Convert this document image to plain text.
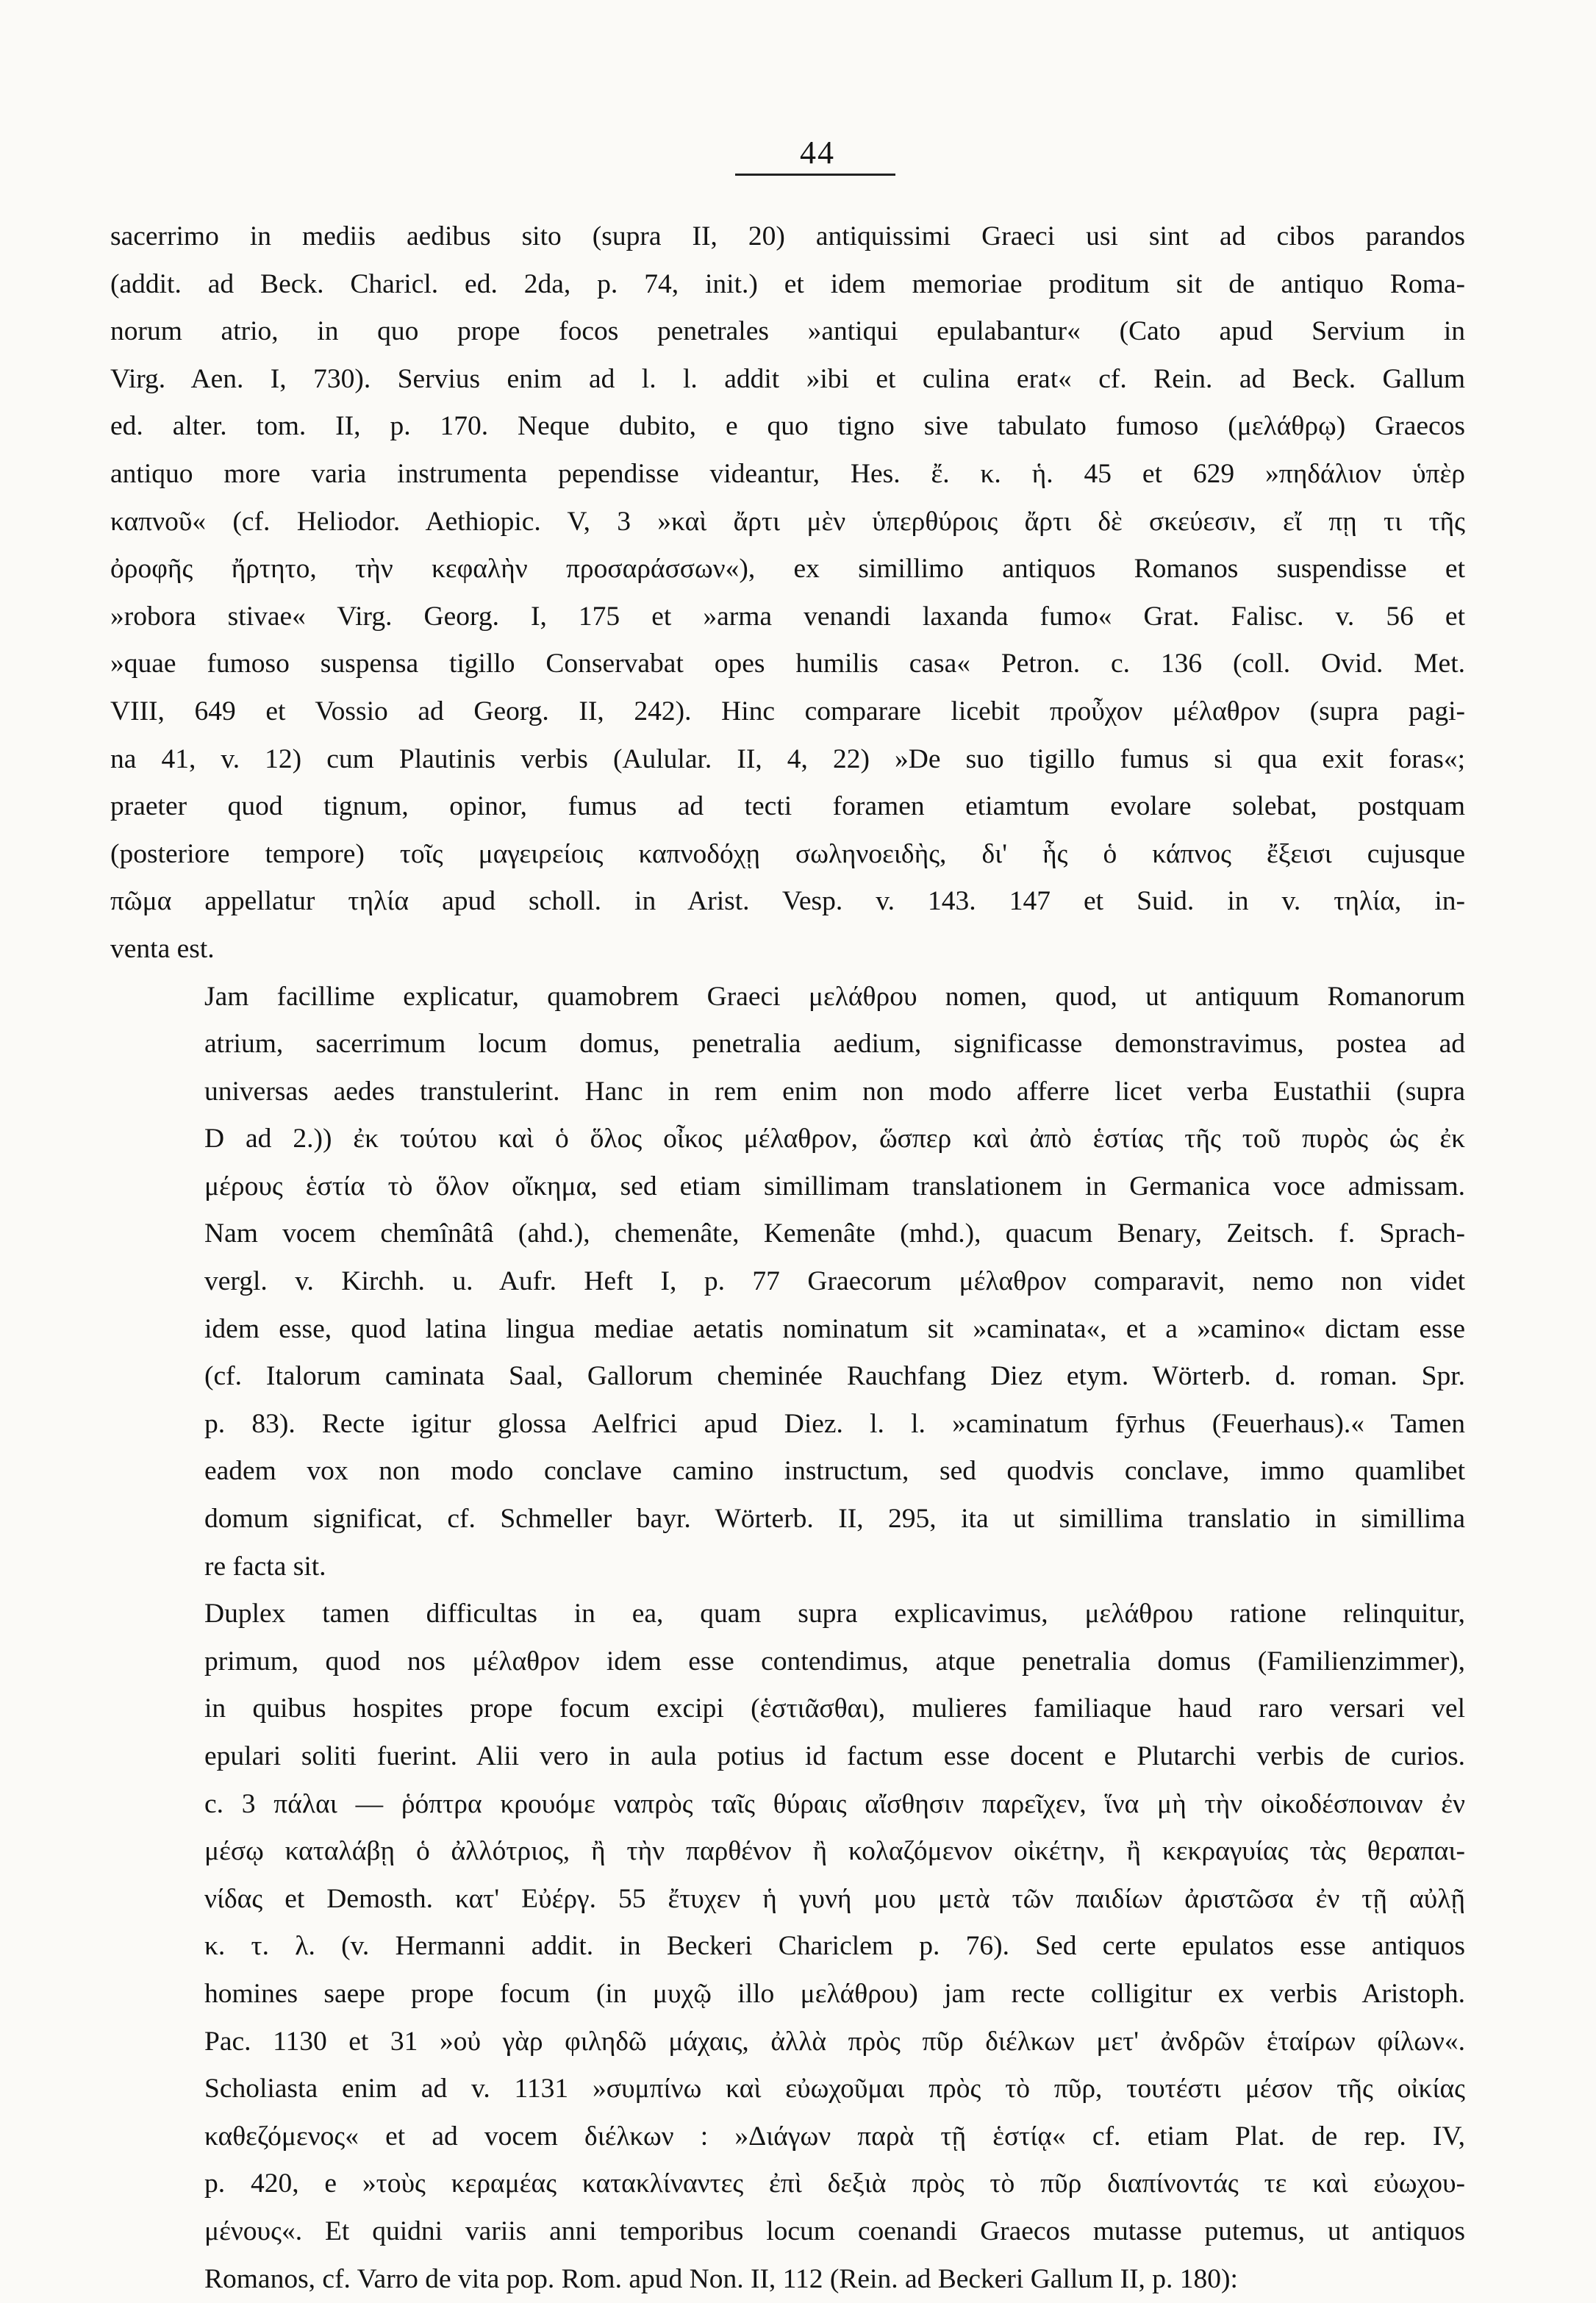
44
sacerrimo in mediis aedibus sito (supra II, 20) antiquissimi Graeci usi sint ad cibos parandos
(addit. ad Beck. Charicl. ed. 2da, p. 74, init.) et idem memoriae proditum sit de antiquo Roma-
norum atrio, in quo prope focos penetrales »antiqui epulabantur« (Cato apud Servium in
Virg. Aen. I, 730). Servius enim ad l. l. addit »ibi et culina erat« cf. Rein. ad Beck. Gallum
ed. alter. tom. II, p. 170. Neque dubito, e quo tigno sive tabulato fumoso (μελάθρῳ) Graecos
antiquo more varia instrumenta pependisse videantur, Hes. ἔ. κ. ἡ. 45 et 629 »πηδάλιον ὑπὲρ
καπνοῦ« (cf. Heliodor. Aethiopic. V, 3 »καὶ ἄρτι μὲν ὑπερθύροις ἄρτι δὲ σκεύεσιν, εἴ πῃ τι τῆς
ὀροφῆς ἤρτητο, τὴν κεφαλὴν προσαράσσων«), ex simillimo antiquos Romanos suspendisse et
»robora stivae« Virg. Georg. I, 175 et »arma venandi laxanda fumo« Grat. Falisc. v. 56 et
»quae fumoso suspensa tigillo Conservabat opes humilis casa« Petron. c. 136 (coll. Ovid. Met.
VIII, 649 et Vossio ad Georg. II, 242). Hinc comparare licebit προὖχον μέλαθρον (supra pagi-
na 41, v. 12) cum Plautinis verbis (Aulular. II, 4, 22) »De suo tigillo fumus si qua exit foras«;
praeter quod tignum, opinor, fumus ad tecti foramen etiamtum evolare solebat, postquam
(posteriore tempore) τοῖς μαγειρείοις καπνοδόχῃ σωληνοειδὴς, δι' ἧς ὁ κάπνος ἔξεισι cujusque
πῶμα appellatur τηλία apud scholl. in Arist. Vesp. v. 143. 147 et Suid. in v. τηλία, in-
venta est.
Jam facillime explicatur, quamobrem Graeci μελάθρου nomen, quod, ut antiquum Romanorum
atrium, sacerrimum locum domus, penetralia aedium, significasse demonstravimus, postea ad
universas aedes transtulerint. Hanc in rem enim non modo afferre licet verba Eustathii (supra
D ad 2.)) ἐκ τούτου καὶ ὁ ὅλος οἶκος μέλαθρον, ὥσπερ καὶ ἀπὸ ἑστίας τῆς τοῦ πυρὸς ὡς ἐκ
μέρους ἑστία τὸ ὅλον οἴκημα, sed etiam simillimam translationem in Germanica voce admissam.
Nam vocem chemînâtâ (ahd.), chemenâte, Kemenâte (mhd.), quacum Benary, Zeitsch. f. Sprach-
vergl. v. Kirchh. u. Aufr. Heft I, p. 77 Graecorum μέλαθρον comparavit, nemo non videt
idem esse, quod latina lingua mediae aetatis nominatum sit »caminata«, et a »camino« dictam esse
(cf. Italorum caminata Saal, Gallorum cheminée Rauchfang Diez etym. Wörterb. d. roman. Spr.
p. 83). Recte igitur glossa Aelfrici apud Diez. l. l. »caminatum fȳrhus (Feuerhaus).« Tamen
eadem vox non modo conclave camino instructum, sed quodvis conclave, immo quamlibet
domum significat, cf. Schmeller bayr. Wörterb. II, 295, ita ut simillima translatio in simillima
re facta sit.
Duplex tamen difficultas in ea, quam supra explicavimus, μελάθρου ratione relinquitur,
primum, quod nos μέλαθρον idem esse contendimus, atque penetralia domus (Familienzimmer),
in quibus hospites prope focum excipi (ἑστιᾶσθαι), mulieres familiaque haud raro versari vel
epulari soliti fuerint. Alii vero in aula potius id factum esse docent e Plutarchi verbis de curios.
c. 3 πάλαι — ῥόπτρα κρουόμε ναπρὸς ταῖς θύραις αἴσθησιν παρεῖχεν, ἵνα μὴ τὴν οἰκοδέσποιναν ἐν
μέσῳ καταλάβῃ ὁ ἀλλότριος, ἢ τὴν παρθένον ἢ κολαζόμενον οἰκέτην, ἢ κεκραγυίας τὰς θεραπαι-
νίδας et Demosth. κατ' Εὐέργ. 55 ἔτυχεν ἡ γυνή μου μετὰ τῶν παιδίων ἀριστῶσα ἐν τῇ αὐλῇ
κ. τ. λ. (v. Hermanni addit. in Beckeri Chariclem p. 76). Sed certe epulatos esse antiquos
homines saepe prope focum (in μυχῷ illo μελάθρου) jam recte colligitur ex verbis Aristoph.
Pac. 1130 et 31 »οὐ γὰρ φιληδῶ μάχαις, ἀλλὰ πρὸς πῦρ διέλκων μετ' ἀνδρῶν ἑταίρων φίλων«.
Scholiasta enim ad v. 1131 »συμπίνω καὶ εὐωχοῦμαι πρὸς τὸ πῦρ, τουτέστι μέσον τῆς οἰκίας
καθεζόμενος« et ad vocem διέλκων : »Διάγων παρὰ τῇ ἑστίᾳ« cf. etiam Plat. de rep. IV,
p. 420, e »τοὺς κεραμέας κατακλίναντες ἐπὶ δεξιὰ πρὸς τὸ πῦρ διαπίνοντάς τε καὶ εὐωχου-
μένους«. Et quidni variis anni temporibus locum coenandi Graecos mutasse putemus, ut antiquos
Romanos, cf. Varro de vita pop. Rom. apud Non. II, 112 (Rein. ad Beckeri Gallum II, p. 180):
